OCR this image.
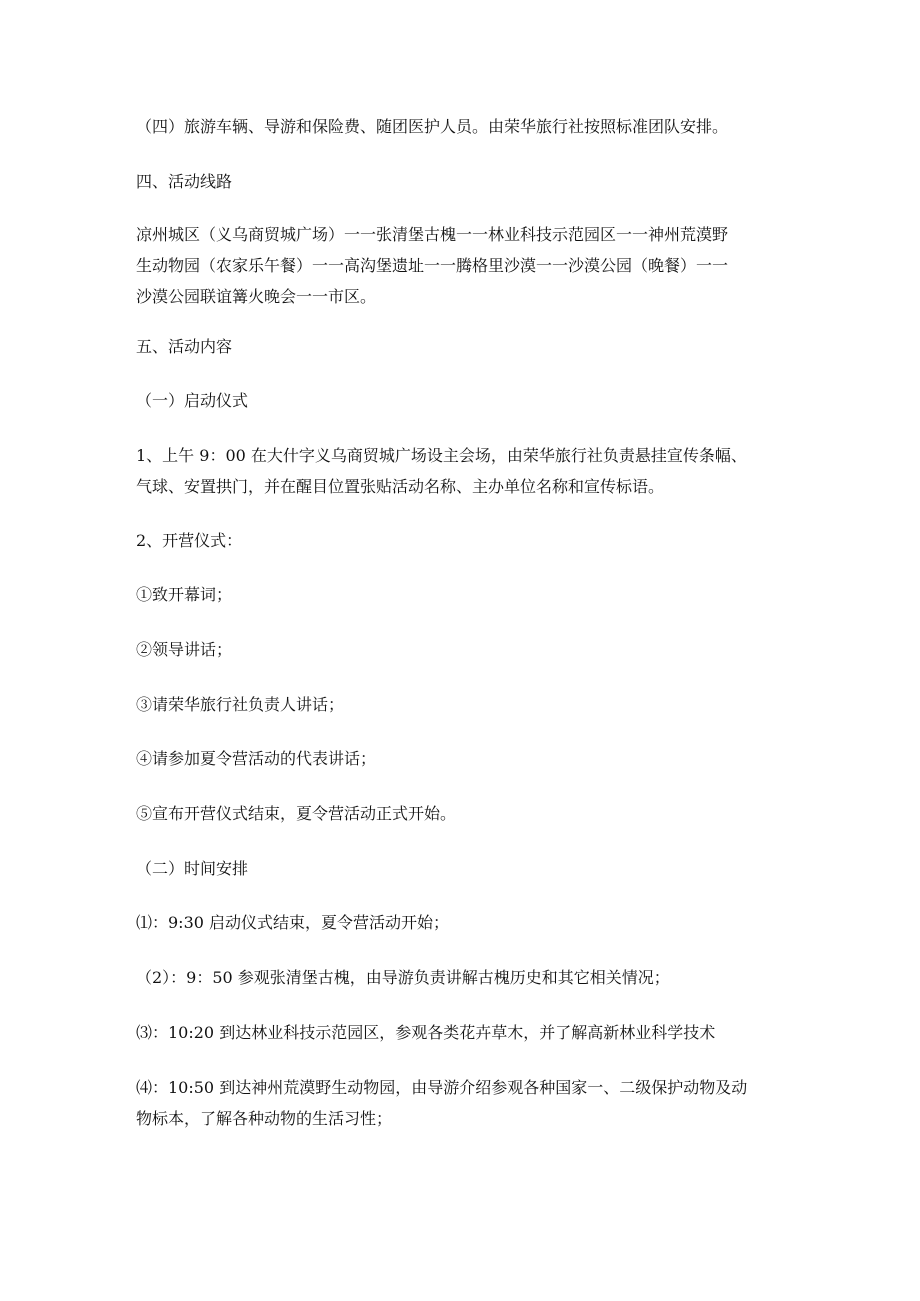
（四）旅游车辆、导游和保险费、随团医护人员。由荣华旅行社按照标准团队安排。

四、活动线路

凉州城区（义乌商贸城广场）一一张清堡古槐一一林业科技示范园区一一神州荒漠野
生动物园（农家乐午餐）一一高沟堡遗址一一腾格里沙漠一一沙漠公园（晚餐）一一
沙漠公园联谊篝火晚会一一市区。

五、活动内容

（一）启动仪式

1、上午 9：00 在大什字义乌商贸城广场设主会场，由荣华旅行社负责悬挂宣传条幅、
气球、安置拱门，并在醒目位置张贴活动名称、主办单位名称和宣传标语。

2、开营仪式：

①致开幕词；

②领导讲话；

③请荣华旅行社负责人讲话；

④请参加夏令营活动的代表讲话；

⑤宣布开营仪式结束，夏令营活动正式开始。

（二）时间安排

⑴：9:30 启动仪式结束，夏令营活动开始；

（2）：9：50 参观张清堡古槐，由导游负责讲解古槐历史和其它相关情况；

⑶：10:20 到达林业科技示范园区，参观各类花卉草木，并了解高新林业科学技术

⑷：10:50 到达神州荒漠野生动物园，由导游介绍参观各种国家一、二级保护动物及动
物标本，了解各种动物的生活习性；
